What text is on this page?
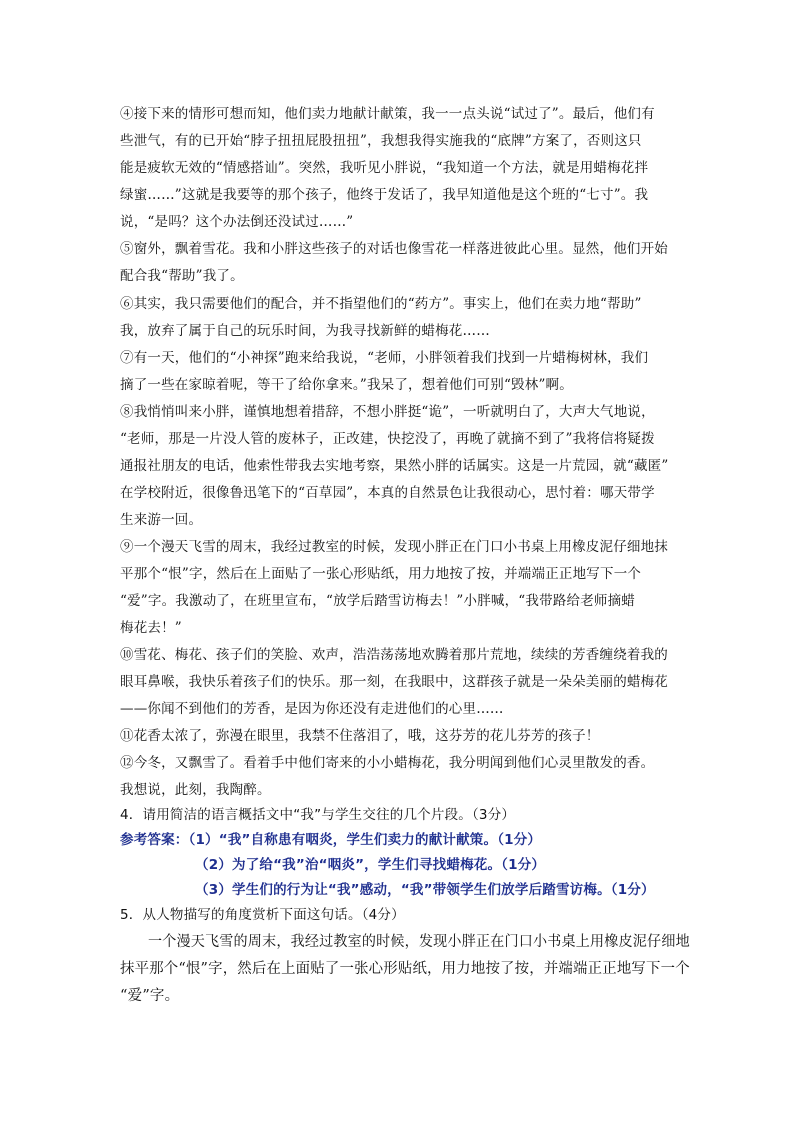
④接下来的情形可想而知，他们卖力地献计献策，我一一点头说“试过了”。最后，他们有
些泄气，有的已开始“脖子扭扭屁股扭扭”，我想我得实施我的“底牌”方案了，否则这只
能是疲软无效的“情感搭讪”。突然，我听见小胖说，“我知道一个方法，就是用蜡梅花拌
绿蜜……”这就是我要等的那个孩子，他终于发话了，我早知道他是这个班的“七寸”。我
说，“是吗？这个办法倒还没试过……”
⑤窗外，飘着雪花。我和小胖这些孩子的对话也像雪花一样落进彼此心里。显然，他们开始
配合我“帮助”我了。
⑥其实，我只需要他们的配合，并不指望他们的“药方”。事实上，他们在卖力地“帮助”
我，放弃了属于自己的玩乐时间，为我寻找新鲜的蜡梅花……
⑦有一天，他们的“小神探”跑来给我说，“老师，小胖领着我们找到一片蜡梅树林，我们
摘了一些在家晾着呢，等干了给你拿来。”我呆了，想着他们可别“毁林”啊。
⑧我悄悄叫来小胖，谨慎地想着措辞，不想小胖挺“诡”，一听就明白了，大声大气地说，
“老师，那是一片没人管的废林子，正改建，快挖没了，再晚了就摘不到了”我将信将疑拨
通报社朋友的电话，他索性带我去实地考察，果然小胖的话属实。这是一片荒园，就“藏匿”
在学校附近，很像鲁迅笔下的“百草园”，本真的自然景色让我很动心，思忖着：哪天带学
生来游一回。
⑨一个漫天飞雪的周末，我经过教室的时候，发现小胖正在门口小书桌上用橡皮泥仔细地抹
平那个“恨”字，然后在上面贴了一张心形贴纸，用力地按了按，并端端正正地写下一个
“爱”字。我激动了，在班里宣布，“放学后踏雪访梅去！”小胖喊，“我带路给老师摘蜡
梅花去！”
⑩雪花、梅花、孩子们的笑脸、欢声，浩浩荡荡地欢腾着那片荒地，续续的芳香缠绕着我的
眼耳鼻喉，我快乐着孩子们的快乐。那一刻，在我眼中，这群孩子就是一朵朵美丽的蜡梅花
——你闻不到他们的芳香，是因为你还没有走进他们的心里……
⑪花香太浓了，弥漫在眼里，我禁不住落泪了，哦，这芬芳的花儿芬芳的孩子！
⑫今冬，又飘雪了。看着手中他们寄来的小小蜡梅花，我分明闻到他们心灵里散发的香。
我想说，此刻，我陶醉。
4．请用简洁的语言概括文中“我”与学生交往的几个片段。（3分）
参考答案：（1）“我”自称患有咽炎，学生们卖力的献计献策。（1分）
（2）为了给“我”治“咽炎”，学生们寻找蜡梅花。（1分）
（3）学生们的行为让“我”感动，“我”带领学生们放学后踏雪访梅。（1分）
5．从人物描写的角度赏析下面这句话。（4分）
一个漫天飞雪的周末，我经过教室的时候，发现小胖正在门口小书桌上用橡皮泥仔细地
抹平那个“恨”字，然后在上面贴了一张心形贴纸，用力地按了按，并端端正正地写下一个
“爱”字。
